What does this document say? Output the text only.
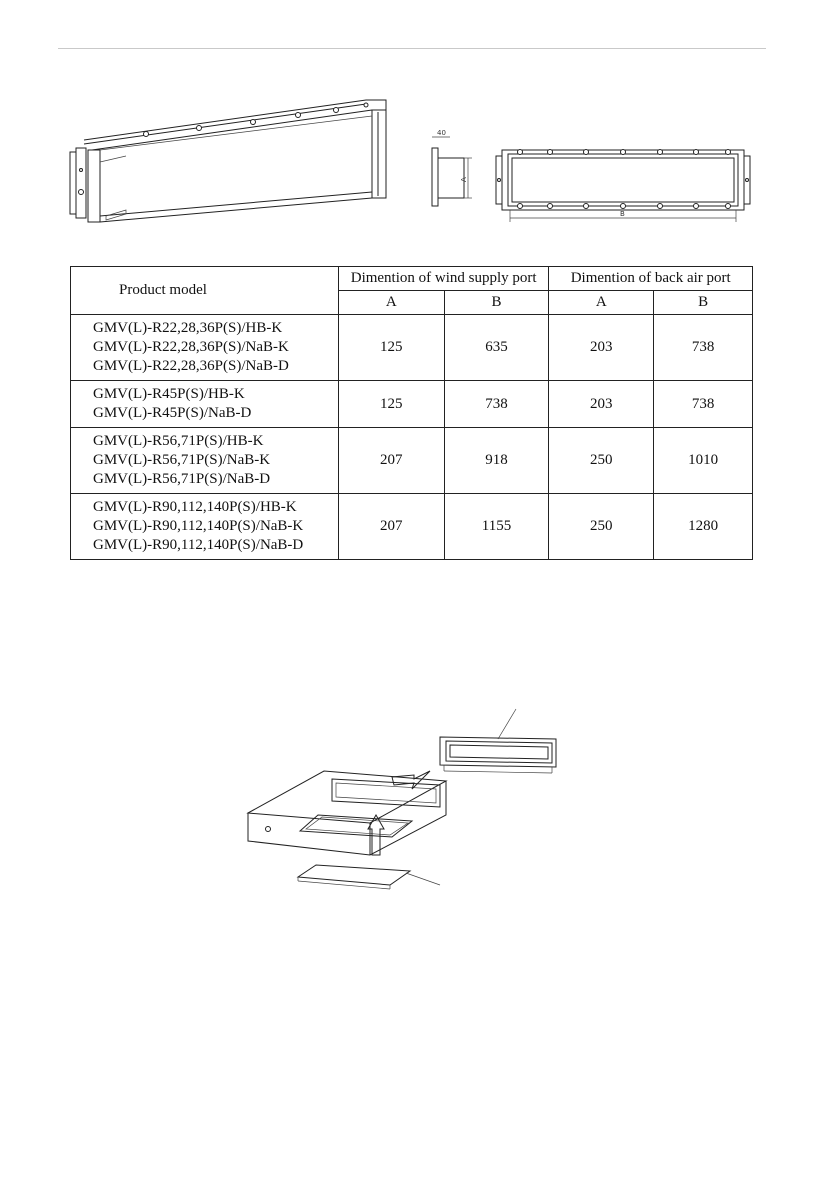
40
A
B
Product model	Dimention of wind supply port		Dimention of back air port	
	A	B	A	B

GMV(L)-R22,28,36P(S)/HB-K
GMV(L)-R22,28,36P(S)/NaB-K
GMV(L)-R22,28,36P(S)/NaB-D	125	635	203	738

GMV(L)-R45P(S)/HB-K
GMV(L)-R45P(S)/NaB-D	125	738	203	738

GMV(L)-R56,71P(S)/HB-K
GMV(L)-R56,71P(S)/NaB-K
GMV(L)-R56,71P(S)/NaB-D	207	918	250	1010

GMV(L)-R90,112,140P(S)/HB-K
GMV(L)-R90,112,140P(S)/NaB-K
GMV(L)-R90,112,140P(S)/NaB-D	207	1155	250	1280
